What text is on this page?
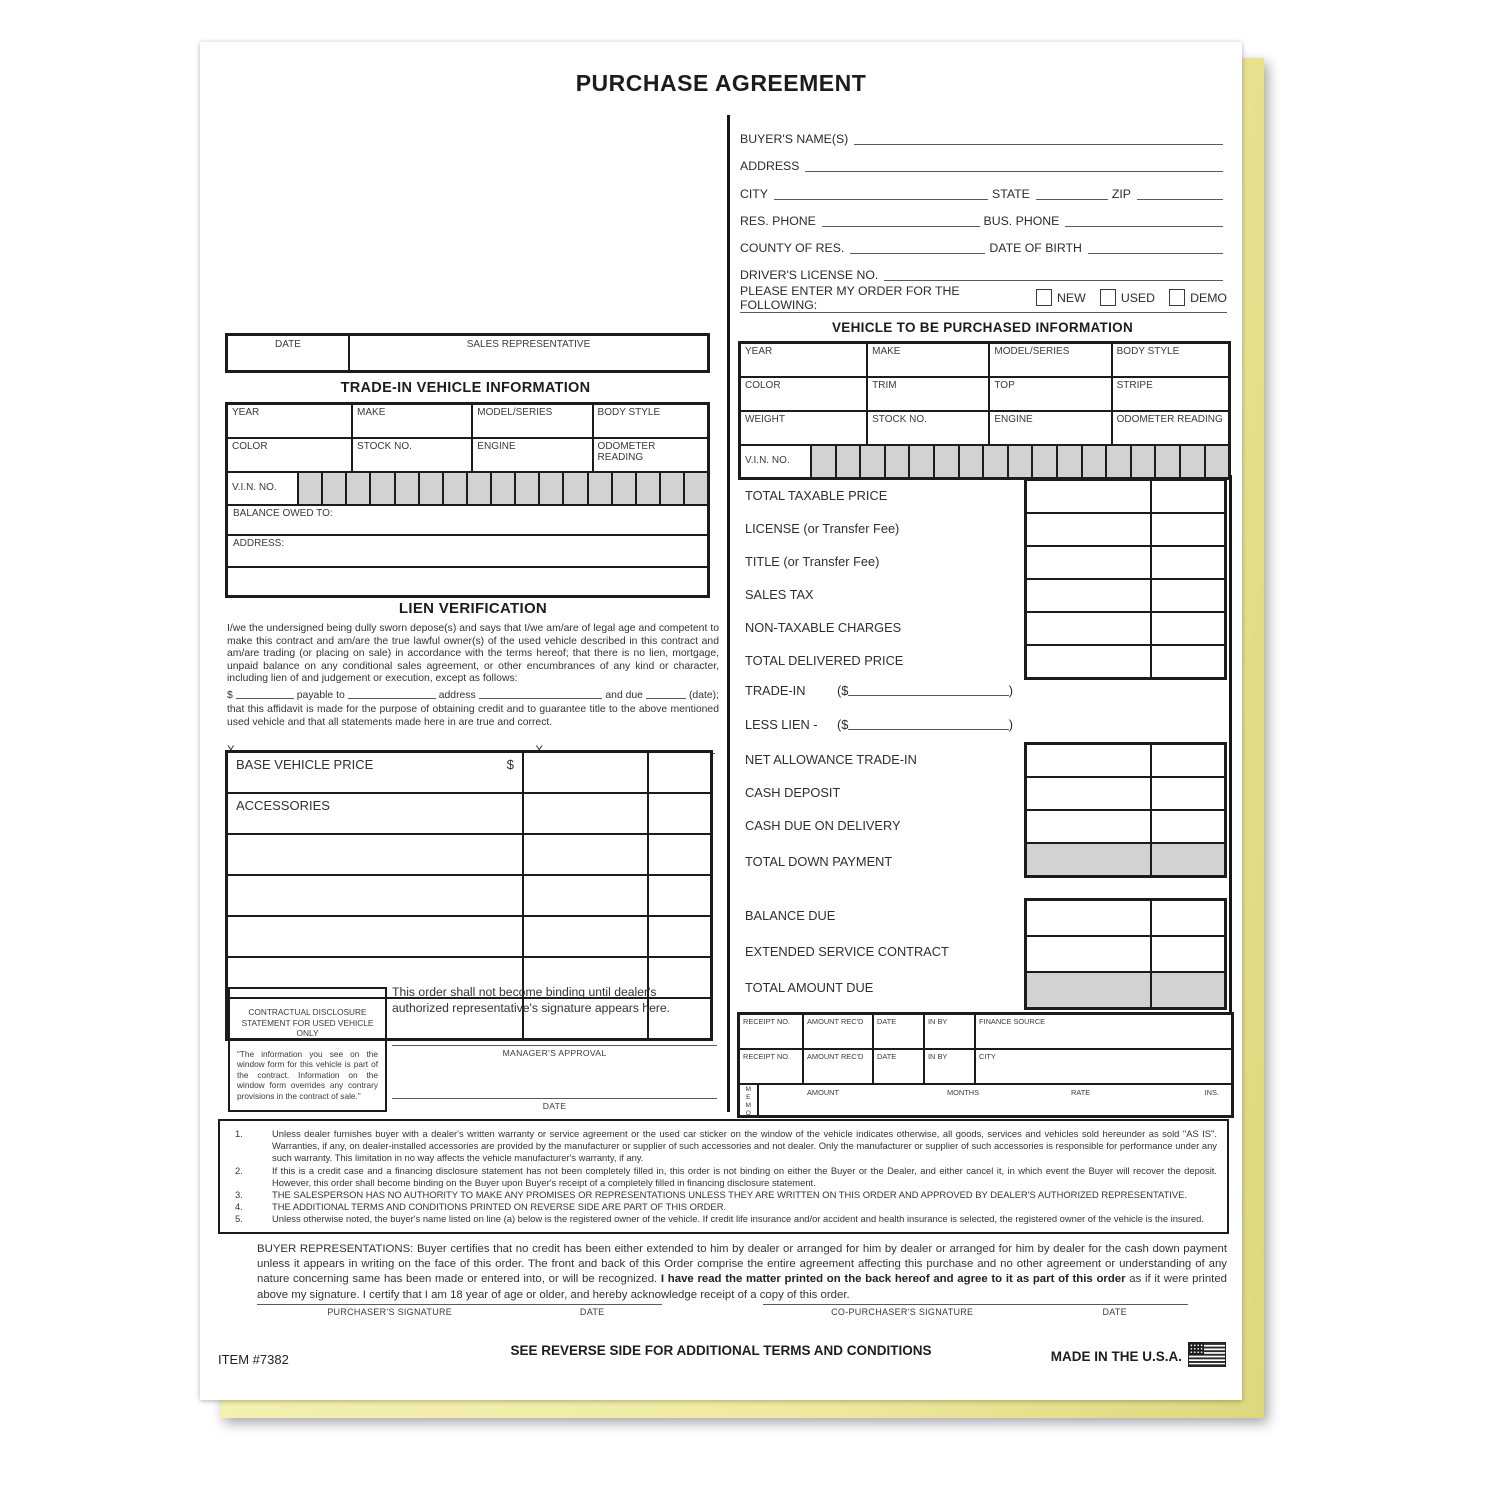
PURCHASE AGREEMENT
BUYER'S NAME(S)
ADDRESS
CITY	STATE	ZIP
RES. PHONE	BUS. PHONE
COUNTY OF RES.	DATE OF BIRTH
DRIVER'S LICENSE NO.
PLEASE ENTER MY ORDER FOR THE FOLLOWING:	NEW	USED	DEMO
VEHICLE TO BE PURCHASED INFORMATION
YEAR	MAKE	MODEL/SERIES	BODY STYLE
COLOR	TRIM	TOP	STRIPE
WEIGHT	STOCK NO.	ENGINE	ODOMETER READING
V.I.N. NO.
DATE	SALES REPRESENTATIVE
TRADE-IN VEHICLE INFORMATION
YEAR	MAKE	MODEL/SERIES	BODY STYLE
COLOR	STOCK NO.	ENGINE	ODOMETER READING
V.I.N. NO.
BALANCE OWED TO:
ADDRESS:
LIEN VERIFICATION
I/we the undersigned being dully sworn depose(s) and says that I/we am/are of legal age and competent to make this contract and am/are the true lawful owner(s) of the used vehicle described in this contract and am/are trading (or placing on sale) in accordance with the terms hereof; that there is no lien, mortgage, unpaid balance on any conditional sales agreement, or other encumbrances of any kind or character, including lien of and judgement or execution, except as follows:
$	payable to	address	and due	(date);
that this affidavit is made for the purpose of obtaining credit and to guarantee title to the above mentioned used vehicle and that all statements made here in are true and correct.
BASE VEHICLE PRICE	$
ACCESSORIES
TOTAL TAXABLE PRICE
LICENSE (or Transfer Fee)
TITLE (or Transfer Fee)
SALES TAX
NON-TAXABLE CHARGES
TOTAL DELIVERED PRICE
TRADE-IN	($	)
LESS LIEN -	($	)
NET ALLOWANCE TRADE-IN
CASH DEPOSIT
CASH DUE ON DELIVERY
TOTAL DOWN PAYMENT
BALANCE DUE
EXTENDED SERVICE CONTRACT
TOTAL AMOUNT DUE
CONTRACTUAL DISCLOSURE STATEMENT FOR USED VEHICLE ONLY
“The information you see on the window form for this vehicle is part of the contract. Information on the window form overrides any contrary provisions in the contract of sale.”
This order shall not become binding until dealer's authorized representative's signature appears here.
MANAGER'S APPROVAL
DATE
RECEIPT NO.	AMOUNT REC'D	DATE	IN BY	FINANCE SOURCE
RECEIPT NO.	AMOUNT REC'D	DATE	IN BY	CITY
MEMO	AMOUNT	MONTHS	RATE	INS.
1.	Unless dealer furnishes buyer with a dealer's written warranty or service agreement or the used car sticker on the window of the vehicle indicates otherwise, all goods, services and vehicles sold hereunder as sold "AS IS". Warranties, if any, on dealer-installed accessories are provided by the manufacturer or supplier of such accessories and not dealer. Only the manufacturer or supplier of such accessories is responsible for performance under any such warranty. This limitation in no way affects the vehicle manufacturer's warranty, if any.
2.	If this is a credit case and a financing disclosure statement has not been completely filled in, this order is not binding on either the Buyer or the Dealer, and either cancel it, in which event the Buyer will recover the deposit. However, this order shall become binding on the Buyer upon Buyer's receipt of a completely filled in financing disclosure statement.
3.	THE SALESPERSON HAS NO AUTHORITY TO MAKE ANY PROMISES OR REPRESENTATIONS UNLESS THEY ARE WRITTEN ON THIS ORDER AND APPROVED BY DEALER'S AUTHORIZED REPRESENTATIVE.
4.	THE ADDITIONAL TERMS AND CONDITIONS PRINTED ON REVERSE SIDE ARE PART OF THIS ORDER.
5.	Unless otherwise noted, the buyer's name listed on line (a) below is the registered owner of the vehicle. If credit life insurance and/or accident and health insurance is selected, the registered owner of the vehicle is the insured.
BUYER REPRESENTATIONS: Buyer certifies that no credit has been either extended to him by dealer or arranged for him by dealer or arranged for him by dealer for the cash down payment unless it appears in writing on the face of this order. The front and back of this Order comprise the entire agreement affecting this purchase and no other agreement or understanding of any nature concerning same has been made or entered into, or will be recognized. I have read the matter printed on the back hereof and agree to it as part of this order as if it were printed above my signature. I certify that I am 18 year of age or older, and hereby acknowledge receipt of a copy of this order.
PURCHASER'S SIGNATURE	DATE	CO-PURCHASER'S SIGNATURE	DATE
ITEM #7382
SEE REVERSE SIDE FOR ADDITIONAL TERMS AND CONDITIONS	MADE IN THE U.S.A.
